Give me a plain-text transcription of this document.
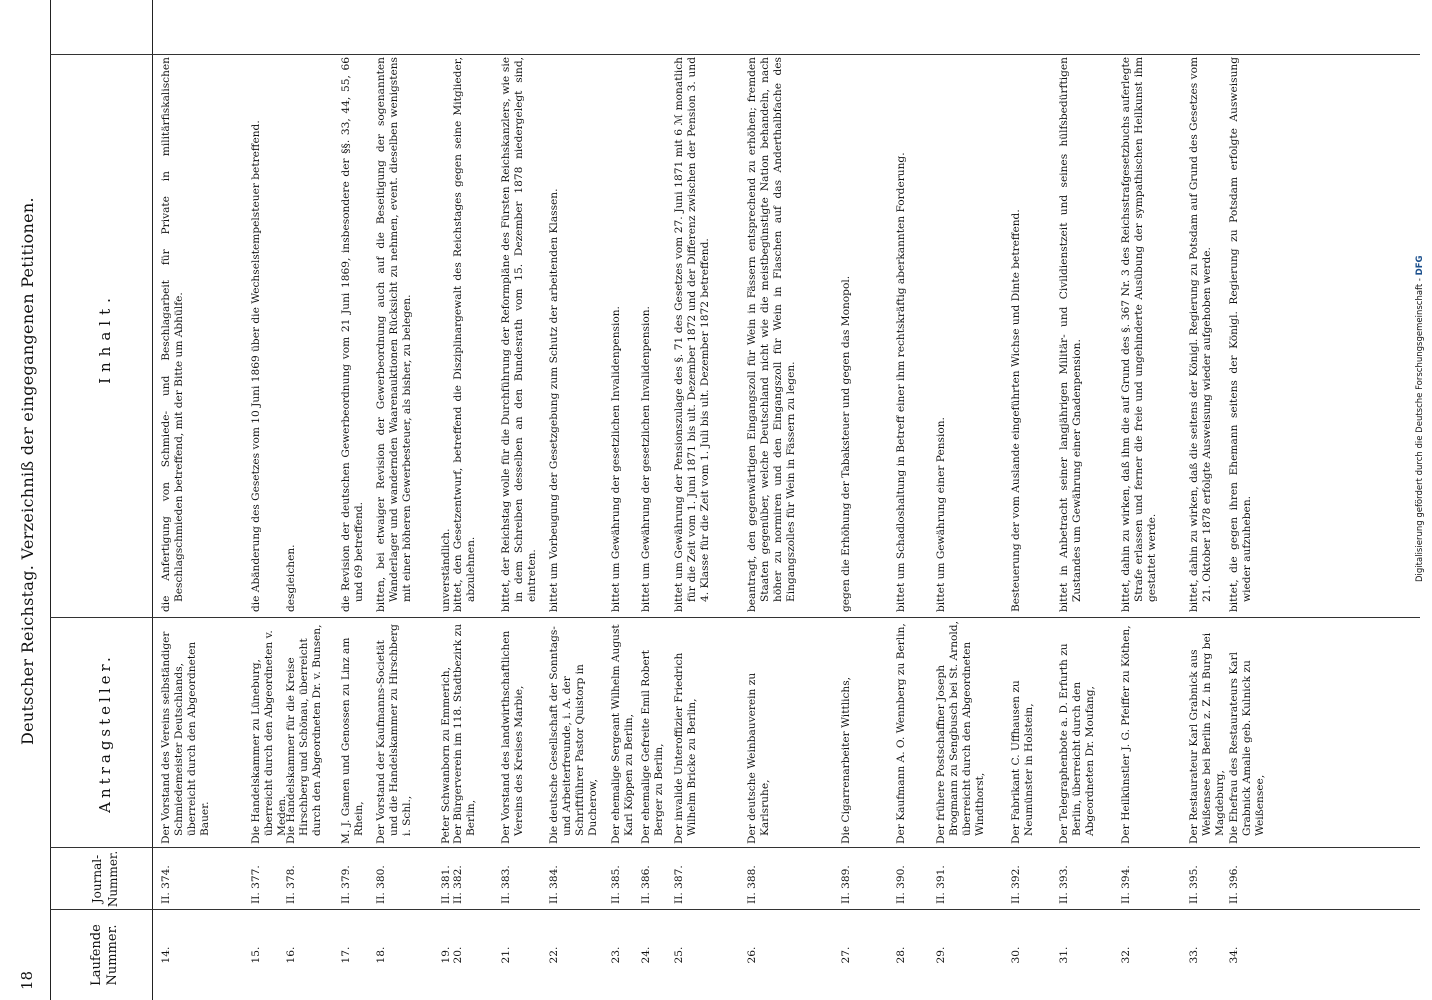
18
Deutscher Reichstag. Verzeichniß der eingegangenen Petitionen.
Laufende Nummer.
Journal-Nummer.
Antragsteller.
Inhalt.
14.
II. 374.
Der Vorstand des Vereins selbständiger Schmiedemeister Deutschlands, überreicht durch den Abgeordneten Bauer.
die Anfertigung von Schmiede- und Beschlagarbeit für Private in militärfiskalischen Beschlagschmieden betreffend, mit der Bitte um Abhülfe.
15.
II. 377.
Die Handelskammer zu Lüneburg, überreicht durch den Abgeordneten v. Meden.
die Abänderung des Gesetzes vom 10 Juni 1869 über die Wechselstempelsteuer betreffend.
16.
II. 378.
Die Handelskammer für die Kreise Hirschberg und Schönau, überreicht durch den Abgeordneten Dr. v. Bunsen,
desgleichen.
17.
II. 379.
M. J. Gamen und Genossen zu Linz am Rhein,
die Revision der deutschen Gewerbeordnung vom 21 Juni 1869, insbesondere der §§. 33, 44, 55, 66 und 69 betreffend.
18.
II. 380.
Der Vorstand der Kaufmanns-Societät und die Handelskammer zu Hirschberg i. Schl.,
bitten, bei etwaiger Revision der Gewerbeordnung auch auf die Beseitigung der sogenannten Wanderlager und wandernden Waarenauktionen Rücksicht zu nehmen, event. dieselben wenigstens mit einer höheren Gewerbesteuer, als bisher, zu belegen.
19.
II. 381.
Peter Schwanborn zu Emmerich,
unverständlich.
20.
II. 382.
Der Bürgerverein im 118. Stadtbezirk zu Berlin,
bittet, den Gesetzentwurf, betreffend die Disziplinargewalt des Reichstages gegen seine Mitglieder, abzulehnen.
21.
II. 383.
Der Vorstand des landwirthschaftlichen Vereins des Kreises Marbie,
bittet, der Reichstag wolle für die Durchführung der Reformpläne des Fürsten Reichskanzlers, wie sie in dem Schreiben desselben an den Bundesrath vom 15. Dezember 1878 niedergelegt sind, eintreten.
22.
II. 384.
Die deutsche Gesellschaft der Sonntags- und Arbeiterfreunde, i. A. der Schriftführer Pastor Quistorp in Ducherow,
bittet um Vorbeugung der Gesetzgebung zum Schutz der arbeitenden Klassen.
23.
II. 385.
Der ehemalige Sergeant Wilhelm August Karl Köppen zu Berlin,
bittet um Gewährung der gesetzlichen Invalidenpension.
24.
II. 386.
Der ehemalige Gefreite Emil Robert Berger zu Berlin,
bittet um Gewährung der gesetzlichen Invalidenpension.
25.
II. 387.
Der invalide Unteroffizier Friedrich Wilhelm Bricke zu Berlin,
bittet um Gewährung der Pensionszulage des §. 71 des Gesetzes vom 27. Juni 1871 mit 6 ℳ monatlich für die Zeit vom 1. Juni 1871 bis ult. Dezember 1872 und der Differenz zwischen der Pension 3. und 4. Klasse für die Zeit vom 1. Juli bis ult. Dezember 1872 betreffend.
26.
II. 388.
Der deutsche Weinbauverein zu Karlsruhe,
beantragt, den gegenwärtigen Eingangszoll für Wein in Fässern entsprechend zu erhöhen; fremden Staaten gegenüber, welche Deutschland nicht wie die meistbegünstigte Nation behandeln, nach höher zu normiren und den Eingangszoll für Wein in Flaschen auf das Anderthalbfache des Eingangszolles für Wein in Fässern zu legen.
27.
II. 389.
Die Cigarrenarbeiter Wittlichs,
gegen die Erhöhung der Tabaksteuer und gegen das Monopol.
28.
II. 390.
Der Kaufmann A. O. Wennberg zu Berlin,
bittet um Schadloshaltung in Betreff einer ihm rechtskräftig aberkannten Forderung.
29.
II. 391.
Der frühere Postschaffner Joseph Brogmann zu Sengbusch bei St. Arnold, überreicht durch den Abgeordneten Windthorst,
bittet um Gewährung einer Pension.
30.
II. 392.
Der Fabrikant C. Uffhausen zu Neumünster in Holstein,
Besteuerung der vom Auslande eingeführten Wichse und Dinte betreffend.
31.
II. 393.
Der Telegraphenbote a. D. Erfurth zu Berlin, überreicht durch den Abgeordneten Dr. Moufang,
bittet in Anbetracht seiner langjährigen Militär- und Civildienstzeit und seines hülfsbedürftigen Zustandes um Gewährung einer Gnadenpension.
32.
II. 394.
Der Heilkünstler J. G. Pfeiffer zu Köthen,
bittet, dahin zu wirken, daß ihm die auf Grund des §. 367 Nr. 3 des Reichsstrafgesetzbuchs auferlegte Strafe erlassen und ferner die freie und ungehinderte Ausübung der sympathischen Heilkunst ihm gestattet werde.
33.
II. 395.
Der Restaurateur Karl Grabnick aus Weißensee bei Berlin z. Z. in Burg bei Magdeburg,
bittet, dahin zu wirken, daß die seitens der Königl. Regierung zu Potsdam auf Grund des Gesetzes vom 21. Oktober 1878 erfolgte Ausweisung wieder aufgehoben werde.
34.
II. 396.
Die Ehefrau des Restaurateurs Karl Grabnick Amalie geb. Kulnick zu Weißensee,
bittet, die gegen ihren Ehemann seitens der Königl. Regierung zu Potsdam erfolgte Ausweisung wieder aufzuheben.	Digitalisierung gefördert durch die Deutsche Forschungsgemeinschaft - DFG
